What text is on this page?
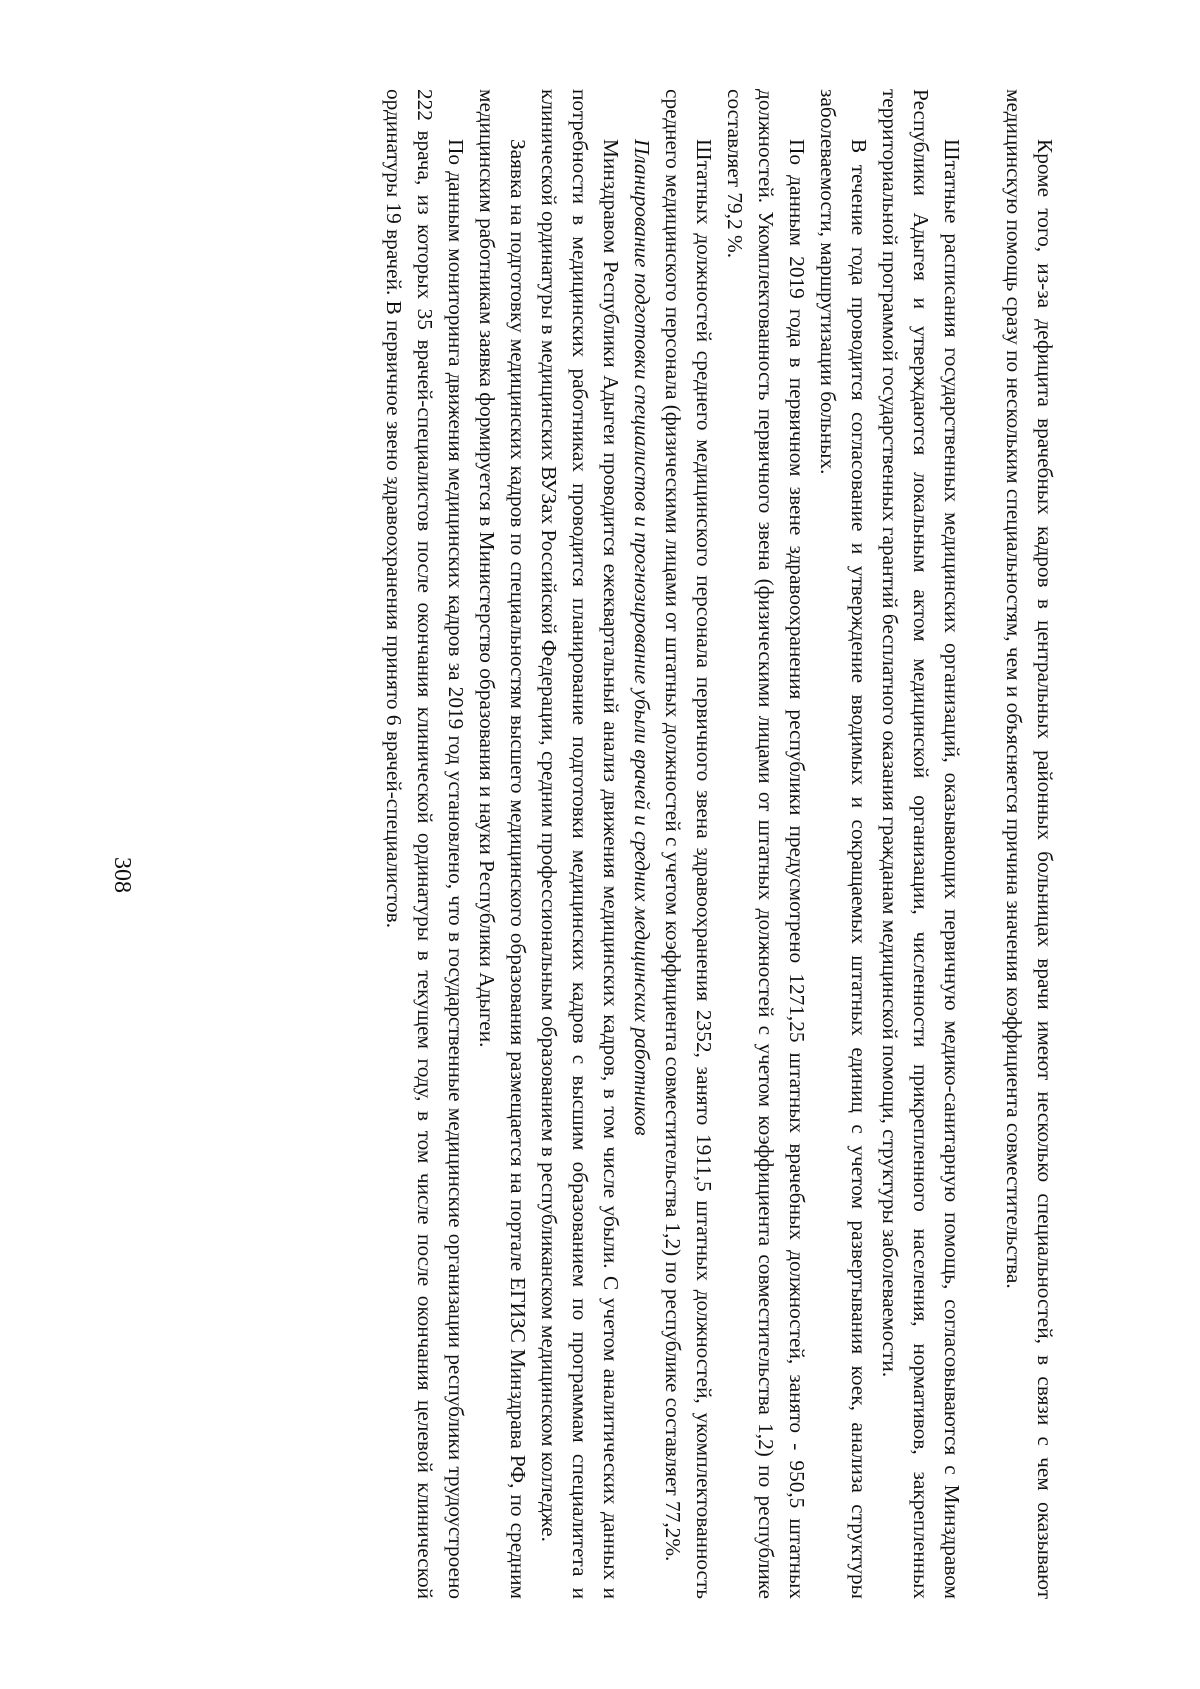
308	Кроме того, из-за дефицита врачебных кадров в центральных районных больницах врачи имеют несколько специальностей, в связи с чем оказывают медицинскую помощь сразу по нескольким специальностям, чем и объясняется причина значения коэффициента совместительства.

Штатные расписания государственных медицинских организаций, оказывающих первичную медико-санитарную помощь, согласовываются с Минздравом Республики Адыгея и утверждаются локальным актом медицинской организации, численности прикрепленного населения, нормативов, закрепленных территориальной программой государственных гарантий бесплатного оказания гражданам медицинской помощи, структуры заболеваемости.

В течение года проводится согласование и утверждение вводимых и сокращаемых штатных единиц с учетом развертывания коек, анализа структуры заболеваемости, маршрутизации больных.

По данным 2019 года в первичном звене здравоохранения республики предусмотрено 1271,25 штатных врачебных должностей, занято - 950,5 штатных должностей. Укомплектованность первичного звена (физическими лицами от штатных должностей с учетом коэффициента совместительства 1,2) по республике составляет 79,2 %.

Штатных должностей среднего медицинского персонала первичного звена здравоохранения 2352, занято 1911,5 штатных должностей, укомплектованность среднего медицинского персонала (физическими лицами от штатных должностей с учетом коэффициента совместительства 1,2) по республике составляет 77,2%.

Планирование подготовки специалистов и прогнозирование убыли врачей и средних медицинских работников

Минздравом Республики Адыгеи проводится ежеквартальный анализ движения медицинских кадров, в том числе убыли. С учетом аналитических данных и потребности в медицинских работниках проводится планирование подготовки медицинских кадров с высшим образованием по программам специалитета и клинической ординатуры в медицинских ВУЗах Российской Федерации, средним профессиональным образованием в республиканском медицинском колледже.

Заявка на подготовку медицинских кадров по специальностям высшего медицинского образования размещается на портале ЕГИЗС Минздрава РФ, по средним медицинским работникам заявка формируется в Министерство образования и науки Республики Адыгеи.

По данным мониторинга движения медицинских кадров за 2019 год установлено, что в государственные медицинские организации республики трудоустроено 222 врача, из которых 35 врачей-специалистов после окончания клинической ординатуры в текущем году, в том числе после окончания целевой клинической ординатуры 19 врачей. В первичное звено здравоохранения принято 6 врачей-специалистов.
